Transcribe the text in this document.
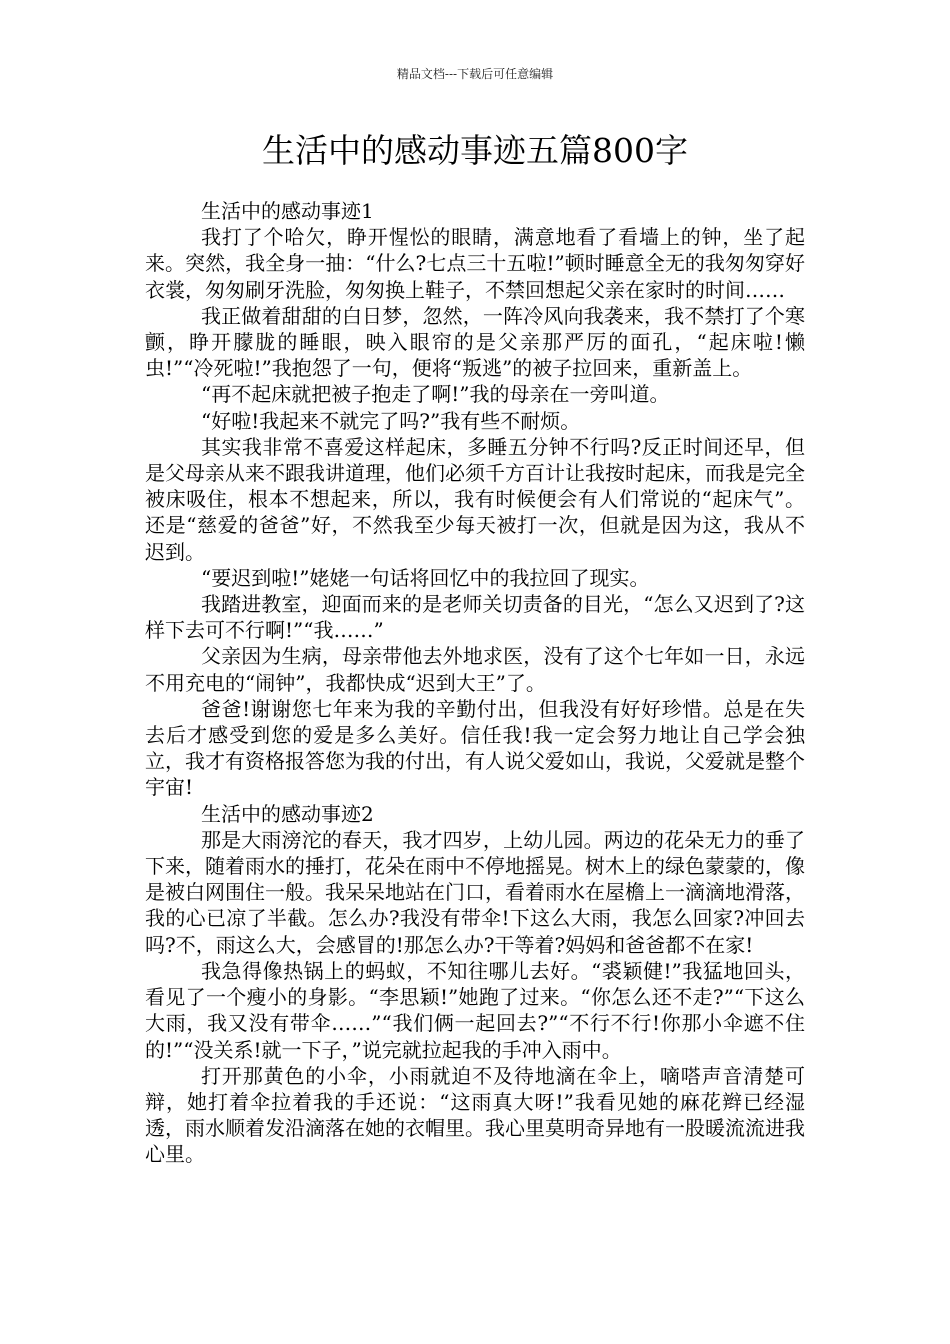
精品文档---下载后可任意编辑
生活中的感动事迹五篇800字

生活中的感动事迹1

我打了个哈欠，睁开惺忪的眼睛，满意地看了看墙上的钟，坐了起来。突然，我全身一抽：“什么?七点三十五啦!”顿时睡意全无的我匆匆穿好衣裳，匆匆刷牙洗脸，匆匆换上鞋子，不禁回想起父亲在家时的时间……

我正做着甜甜的白日梦，忽然，一阵冷风向我袭来，我不禁打了个寒颤，睁开朦胧的睡眼，映入眼帘的是父亲那严厉的面孔，“起床啦!懒虫!”“冷死啦!”我抱怨了一句，便将“叛逃”的被子拉回来，重新盖上。

“再不起床就把被子抱走了啊!”我的母亲在一旁叫道。

“好啦!我起来不就完了吗?”我有些不耐烦。

其实我非常不喜爱这样起床，多睡五分钟不行吗?反正时间还早，但是父母亲从来不跟我讲道理，他们必须千方百计让我按时起床，而我是完全被床吸住，根本不想起来，所以，我有时候便会有人们常说的“起床气”。还是“慈爱的爸爸”好，不然我至少每天被打一次，但就是因为这，我从不迟到。

“要迟到啦!”姥姥一句话将回忆中的我拉回了现实。

我踏进教室，迎面而来的是老师关切责备的目光，“怎么又迟到了?这样下去可不行啊!”“我……”

父亲因为生病，母亲带他去外地求医，没有了这个七年如一日，永远不用充电的“闹钟”，我都快成“迟到大王”了。

爸爸!谢谢您七年来为我的辛勤付出，但我没有好好珍惜。总是在失去后才感受到您的爱是多么美好。信任我!我一定会努力地让自己学会独立，我才有资格报答您为我的付出，有人说父爱如山，我说，父爱就是整个宇宙!

生活中的感动事迹2

那是大雨滂沱的春天，我才四岁，上幼儿园。两边的花朵无力的垂了下来，随着雨水的捶打，花朵在雨中不停地摇晃。树木上的绿色蒙蒙的，像是被白网围住一般。我呆呆地站在门口，看着雨水在屋檐上一滴滴地滑落，我的心已凉了半截。怎么办?我没有带伞!下这么大雨，我怎么回家?冲回去吗?不，雨这么大，会感冒的!那怎么办?干等着?妈妈和爸爸都不在家!

我急得像热锅上的蚂蚁，不知往哪儿去好。“裘颖健!”我猛地回头，看见了一个瘦小的身影。“李思颖!”她跑了过来。“你怎么还不走?”“下这么大雨，我又没有带伞……”“我们俩一起回去?”“不行不行!你那小伞遮不住的!”“没关系!就一下子，”说完就拉起我的手冲入雨中。

打开那黄色的小伞，小雨就迫不及待地滴在伞上，嘀嗒声音清楚可辩，她打着伞拉着我的手还说：“这雨真大呀!”我看见她的麻花辫已经湿透，雨水顺着发沿滴落在她的衣帽里。我心里莫明奇异地有一股暖流流进我心里。
